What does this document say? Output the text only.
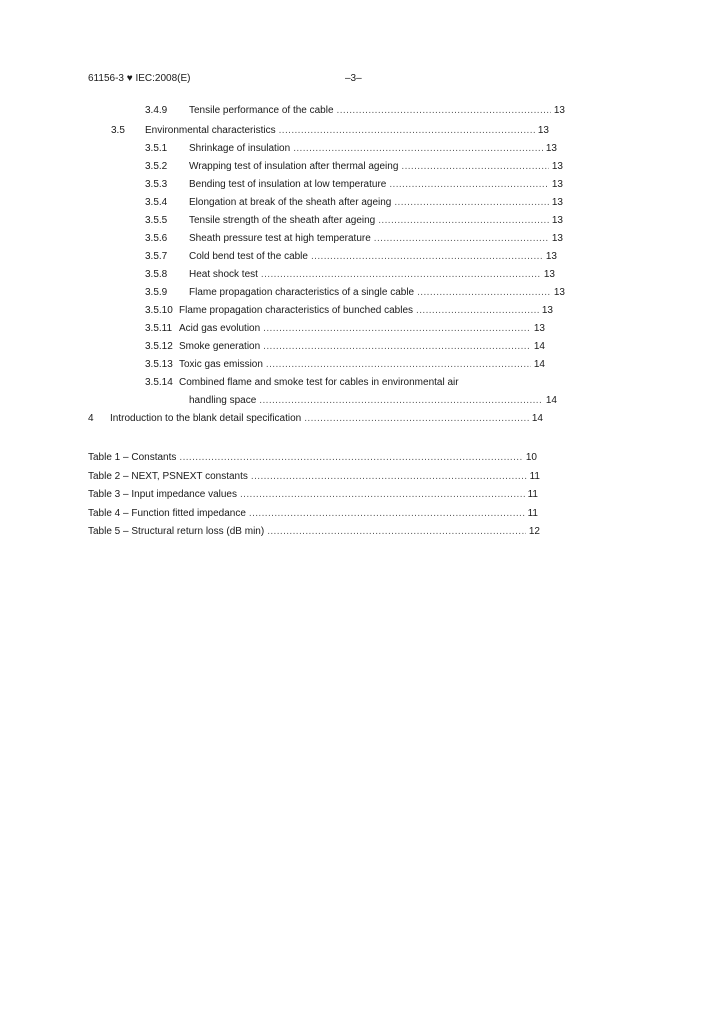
61156-3 ♥ IEC:2008(E)	–3–
3.4.9 Tensile performance of the cable .....	13
3.5 Environmental characteristics .....	13
3.5.1 Shrinkage of insulation .....	13
3.5.2 Wrapping test of insulation after thermal ageing .....	13
3.5.3 Bending test of insulation at low temperature .....	13
3.5.4 Elongation at break of the sheath after ageing .....	13
3.5.5 Tensile strength of the sheath after ageing .....	13
3.5.6 Sheath pressure test at high temperature .....	13
3.5.7 Cold bend test of the cable .....	13
3.5.8 Heat shock test .....	13
3.5.9 Flame propagation characteristics of a single cable .....	13
3.5.10 Flame propagation characteristics of bunched cables .....	13
3.5.11 Acid gas evolution .....	13
3.5.12 Smoke generation .....	14
3.5.13 Toxic gas emission .....	14
3.5.14 Combined flame and smoke test for cables in environmental air
handling space .....	14
4 Introduction to the blank detail specification .....	14
Table 1 – Constants .....	10
Table 2 – NEXT, PSNEXT constants .....	11
Table 3 – Input impedance values .....	11
Table 4 – Function fitted impedance .....	11
Table 5 – Structural return loss (dB min) .....	12
